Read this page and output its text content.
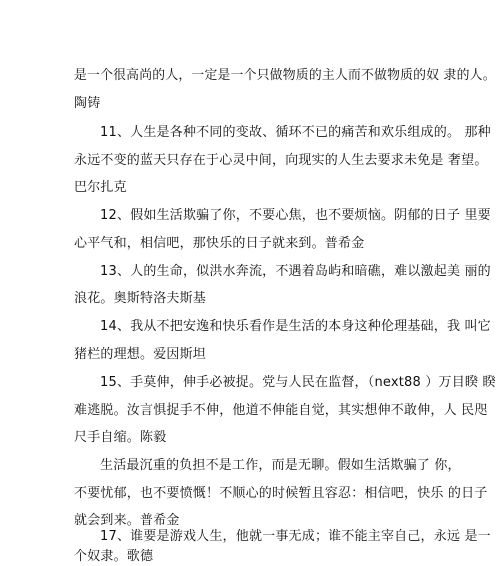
是一个很高尚的人，一定是一个只做物质的主人而不做物质的奴 隶的人。
陶铸
11、人生是各种不同的变故、循环不已的痛苦和欢乐组成的。 那种
永远不变的蓝天只存在于心灵中间，向现实的人生去要求未免是 奢望。
巴尔扎克
12、假如生活欺骗了你，不要心焦，也不要烦恼。阴郁的日子 里要
心平气和，相信吧，那快乐的日子就来到。普希金
13、人的生命，似洪水奔流，不遇着岛屿和暗礁，难以激起美 丽的
浪花。奥斯特洛夫斯基
14、我从不把安逸和快乐看作是生活的本身这种伦理基础，我 叫它
猪栏的理想。爱因斯坦
15、手莫伸，伸手必被捉。党与人民在监督，（next88 ）万目睽 睽
难逃脱。汝言惧捉手不伸，他道不伸能自觉，其实想伸不敢伸，人 民咫
尺手自缩。陈毅
生活最沉重的负担不是工作，而是无聊。假如生活欺骗了 你，
不要忧郁，也不要愤慨！不顺心的时候暂且容忍：相信吧，快乐 的日子
就会到来。普希金
17、谁要是游戏人生，他就一事无成；谁不能主宰自己，永远 是一
个奴隶。歌德
